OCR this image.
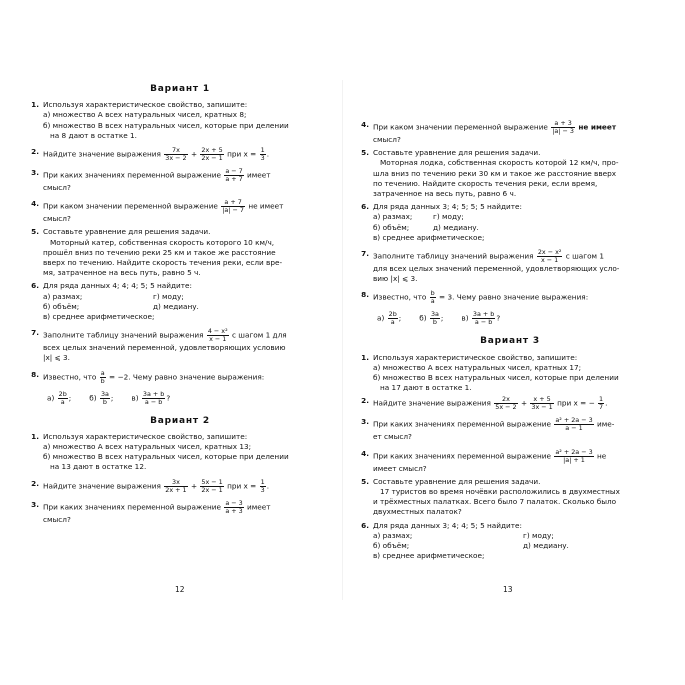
Вариант 1
1. Используя характеристическое свойство, запишите:
а) множество A всех натуральных чисел, кратных 8;
б) множество B всех натуральных чисел, которые при делении
на 8 дают в остатке 1.
2. Найдите значение выражения $\frac{7x}{3x - 2} + \frac{2x + 5}{2x - 1}$ при $x = \frac{1}{3}$ .
3. При каких значениях переменной выражение $\frac{a - 7}{a + 7}$ имеет
смысл?
4. При каком значении переменной выражение $\frac{a + 7}{|a| - 7}$ не имеет
смысл?
5. Составьте уравнение для решения задачи.
Моторный катер, собственная скорость которого 10 км/ч,
прошёл вниз по течению реки 25 км и такое же расстояние
вверх по течению. Найдите скорость течения реки, если вре-
мя, затраченное на весь путь, равно 5 ч.
6. Для ряда данных 4; 4; 4; 5; 5 найдите:
а) размах;	г) моду;
б) объём;	д) медиану.
в) среднее арифметическое;
7. Заполните таблицу значений выражения $\frac{\text{4 − x²}}{x - 1}$ с шагом 1 для
всех целых значений переменной, удовлетворяющих условию
|x| ⩽ 3.
8. Известно, что $\frac{a}{b} = -2$. Чему равно значение выражения:
$а) \frac{2b}{a}$ ; $б) \frac{3a}{b}$ ; $в) \frac{3a + b}{a - b}$ ?
Вариант 2
1. Используя характеристическое свойство, запишите:
а) множество A всех натуральных чисел, кратных 13;
б) множество B всех натуральных чисел, которые при делении
на 13 дают в остатке 12.
2. Найдите значение выражения $\frac{3x}{2x + 1} + \frac{5x - 1}{2x - 1}$ при $x = \frac{1}{3}$ .
3. При каких значениях переменной выражение $\frac{a - 3}{a + 3}$ имеет
смысл?
12
4. При каком значении переменной выражение $\frac{a + 3}{|a| - 3}$ не имеет
смысл?
5. Составьте уравнение для решения задачи.
Моторная лодка, собственная скорость которой 12 км/ч, про-
шла вниз по течению реки 30 км и такое же расстояние вверх
по течению. Найдите скорость течения реки, если время,
затраченное на весь путь, равно 6 ч.
6. Для ряда данных 3; 4; 5; 5; 5 найдите:
а) размах;	г) моду;
б) объём;	д) медиану.
в) среднее арифметическое;
7. Заполните таблицу значений выражения $\frac{\text{2x − x²}}{x - 1}$ с шагом 1
для всех целых значений переменной, удовлетворяющих усло-
вию |x| ⩽ 3.
8. Известно, что $\frac{b}{a} = 3$. Чему равно значение выражения:
$а) \frac{2b}{a}$ ; $б) \frac{3a}{b}$ ; $в) \frac{3a + b}{a - b}$ ?
Вариант 3
1. Используя характеристическое свойство, запишите:
а) множество A всех натуральных чисел, кратных 17;
б) множество B всех натуральных чисел, которые при делении
на 17 дают в остатке 1.
2. Найдите значение выражения $\frac{2x}{5x - 2} + \frac{x + 5}{3x - 1}$ при x = − $\frac{1}{7}$ .
3. При каких значениях переменной выражение $\frac{\text{a² + 2a − 3}}{a - 1} име-$
ет смысл?
4. При каких значениях переменной выражение $\frac{\text{a² + 2a − 3}}{|a| + 1}$ не
имеет смысл?
5. Составьте уравнение для решения задачи.
17 туристов во время ночёвки расположились в двухместных
и трёхместных палатках. Всего было 7 палаток. Сколько было
двухместных палаток?
6. Для ряда данных 3; 4; 4; 5; 5 найдите:
а) размах;	г) моду;
б) объём;	д) медиану.
в) среднее арифметическое;
13
